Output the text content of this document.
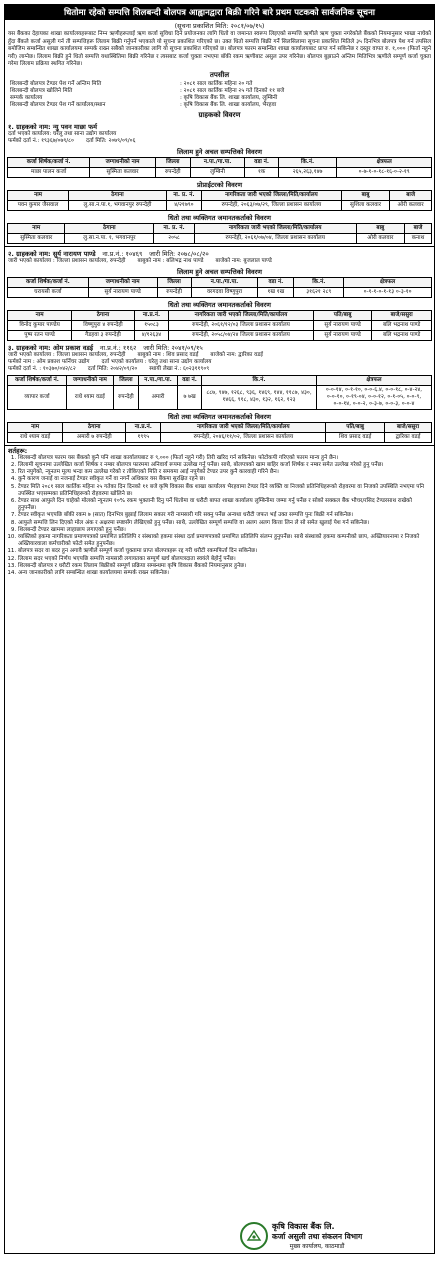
धितोमा रहेको सम्पत्ति शिलबन्दी बोलपत्र आह्वानद्वारा बिक्री गरिने बारे प्रथम पटकको सार्वजनिक सूचना
(सूचना प्रकाशित मिति: २०८१/०७/१५)

यस बैंकका देहायका शाखा कार्यालयहरूबाट निम्न ऋणीहरूलाई ऋण कर्जा सुविधा दिने प्रयोजनका लागि धितो वा जमानत स्वरूप लिइएको सम्पत्ति ऋणीले ऋण चुक्ता नगरेकोले बैंकको नियमानुसार भाखा नाघेको हुँदा बैंकले कर्जा असुली गर्न ती सम्पत्तिहरू लिलाम बिक्री गर्नुपर्ने भएकाले यो सूचना प्रकाशित गरिएको छ। उक्त धितो सम्पत्ति बिक्री गर्ने सिलसिलामा सूचना प्रकाशित मितिले ३५ दिनभित्र बोलपत्र पेश गर्न तपसिल बमोजिम सम्बन्धित शाखा कार्यालयमा सम्पर्क राख्न सबैको जानकारीका लागि यो सूचना प्रकाशित गरिएको छ। बोलपत्र फारम सम्बन्धित शाखा कार्यालयबाट प्राप्त गर्न सकिनेछ र दस्तुर वापत रु. १,००० (फिर्ता नहुने गरी) लाग्नेछ। लिलाम बिक्री हुने धितो सम्पत्ति यथास्थितिमा बिक्री गरिनेछ र त्यसबाट कर्जा चुक्ता नभएमा बाँकी रकम ऋणीबाट असुल उपर गरिनेछ। बोलपत्र बुझाउने अन्तिम मितिभित्र ऋणीले सम्पूर्ण कर्जा चुक्ता गरेमा लिलाम प्रक्रिया स्थगित गरिनेछ।

तपसील
शिलबन्दी बोलपत्र टेण्डर पेश गर्ने अन्तिम मिति	: २०८१ साल कार्तिक महिना २० गते
शिलबन्दी बोलपत्र खोलिने मिति	: २०८१ साल कार्तिक महिना २५ गते दिनको ११ बजे
सम्पर्क कार्यालय	: कृषि विकास बैंक लि. शाखा कार्यालय, लुम्बिनी
शिलबन्दी बोलपत्र टेण्डर पेश गर्ने कार्यालय/स्थान	: कृषि विकास बैंक लि. शाखा कार्यालय, भैरहवा
ग्राहकको विवरण
१. ग्राहकको नाम: न्यु पवन माछा फर्म
दर्ता भएको कार्यालय: घरेलु तथा साना उद्योग कार्यालय
फर्मको दर्ता नं.: १९३६७/०७९/८० दर्ता मिति: २०७९/०९/०६
लिलाम हुने अचल सम्पत्तिको विवरण
कर्जा शिर्षक/कर्जा नं.	जग्गाधनीको नाम	जिल्ला	न.पा./गा.पा.	वडा नं.	कि.नं.	क्षेत्रफल
माछा पालन कर्जा	सुस्मिता कलवार	रुपन्देही	लुम्बिनी	१क	२६५,२६३,१४७	०-७-१-०-१८-१६-०-२-१९
प्रोप्राईटरको विवरण
नाम	ठेगाना	ना. प्र. नं.	नागरिकता जारी भएको जिल्ला/मिति/कार्यालय	बाबु	बाजे
पवन कुमार जैसवाल	लु.सा.न.पा.१, भगवानपुर रुपन्देही	४/२१७९०	रुपन्देही, २०६३/०७/२९, जिल्ला प्रशासन कार्यालय	सुशिला कलवार	ओरी कलवार
धितो तथा व्यक्तिगत जमानतकर्ताको विवरण
नाम	ठेगाना	ना. प्र. नं.	नागरिकता जारी भएको जिल्ला/मिति/कार्यालय	बाबु	बाजे
सुस्मिता कलवार	लु.सा.न.पा. १, भगवानपुर	२०५८	रुपन्देही, २०६१/०७/०४, जिल्ला प्रशासन कार्यालय	ओरी कलवार	कनाथ
२. ग्राहकको नाम: सुर्य नारायण पाण्डे ना.प्र.नं.: १०४६९ जारी मिति: २०७८/०८/२०
जारी भएको कार्यालय : जिल्ला प्रशासन कार्यालय, रुपन्देही बाबुको नाम : बलिभद्र नाथ पाण्डे बाजेको नाम: बुजलाल पाण्डे
लिलाम हुने अचल सम्पत्तिको विवरण
कर्जा शिर्षक/कर्जा नं.	जग्गाधनीको नाम	जिल्ला	न.पा./गा.पा.	वडा नं.	कि.नं.	क्षेत्रफल
घरायसी कर्जा	सुर्य नारायण पाण्डे	रुपन्देही	वरगदवा विष्णुपुरा	१ख १ख	३१६२१ २८९	०-१-१-०-१-१३ ०-३-१०
धितो तथा व्यक्तिगत जमानतकर्ताको विवरण
नाम	ठेगाना	ना.प्र.नं.	नागरिकता जारी भएको जिल्ला/मिति/कार्यालय	पति/बाबु	बाजे/ससुरा
विनोद कुमार पाण्डेय	विष्णुपुरा ४ रुपन्देही	१५०८३	रुपन्देही, २०६१/१२/०३ जिल्ला प्रशासन कार्यालय	सुर्य नारायण पाण्डे	बलि भद्रनाथ पाण्डे
पुष्प रतन पाण्डे	गैडहवा ३ रुपन्देही	४/१२६३४	रुपन्देही, २०५८/०४/२४ जिल्ला प्रशासन कार्यालय	सुर्य नारायण पाण्डे	बलि भद्रनाथ पाण्डे
३. ग्राहकको नाम: ओम प्रकाश वडई ना.प्र.नं.: ११६२ जारी मिति: २०४१/०९/१५
जारी भएको कार्यालय : जिल्ला प्रशासन कार्यालय, रुपन्देही बाबुको नाम : शिव प्रसाद वडई बाजेको नाम: द्वारिका वडई
फर्मको नाम : ओम प्रकाश फर्निचर उद्योग दर्ता भएको कार्यालय : घरेलु तथा साना उद्योग कार्यालय
फर्मको दर्ता नं. : १०३७०/०४२/८२ दर्ता मिति: २०४२/०९/२० स्थायी लेखा नं.: ६०२३११९०९
कर्जा शिर्षक/कर्जा नं.	जग्गाधनीको नाम	जिल्ला	न.पा./गा.पा.	वडा नं.	कि.नं.	क्षेत्रफल
व्यापार कर्जा	राधे श्याम वडई	रुपन्देही	अमारी	७ ७ख	८८७, ९४७, १२६८, ९३६, १४६९, १४४, ११८७, ४३०, १४६६, ९१८, ४३०, १३२, १६२, १२३	०-०-१४, ०-१-१०, ०-०-६.४, ०-०-१८, ०-४-२४, ०-०-१०, ०-१९-०४, ०-०-१२, ०-१-०५, ०-०-९, ०-०-१४, ०-०-२, ०-३-७, ०-०-३, ०-०-४
धितो तथा व्यक्तिगत जमानतकर्ताको विवरण
नाम	ठेगाना	ना.प्र.नं.	नागरिकता जारी भएको जिल्ला/मिति/कार्यालय	पति/बाबु	बाजे/ससुरा
राधे श्याम वडई	अमारी ७ रुपन्देही	१९९५	रुपन्देही, २०४६/११/०२, जिल्ला प्रशासन कार्यालय	शिव प्रसाद वडई	द्वारिका वडई
शर्तहरू:
1. शिलबन्दी बोलपत्र फारम यस बैंकको कुनै पनि शाखा कार्यालयबाट रु ९,००० (फिर्ता नहुने गरी) तिरी खरिद गर्न सकिनेछ। फोटोकपी गरिएको फारम मान्य हुने छैन।
2. लिलामी सूचनामा उल्लेखित कर्जा शिर्षक र नम्बर बोलपत्र फारममा अनिवार्य रूपमा उल्लेख गर्नु पर्नेछ। साथै, बोलपत्रको खाम बाहिर कर्जा शिर्षक र नम्बर समेत उल्लेख गरेको हुनु पर्नेछ।
3. रित नपुगेको, न्यूनतम मूल्य भन्दा कम उल्लेख गरेको र तोकिएको मिति र समयमा आई नपुगेको टेण्डर उपर कुनै कारवाही गरिने छैन।
4. कुनै कारण जनाई वा नजनाई टेण्डर स्वीकृत गर्ने वा नगर्ने अधिकार यस बैंकमा सुरक्षित रहने छ।
5. टेण्डर मिति २०८१ साल कार्तिक महिना २५ गतेका दिन दिनको ११ बजे कृषि विकास बैंक शाखा कार्यालय भैरहवामा टेण्डर दिने व्यक्ति वा निजको प्रतिनिधिहरूको रोहवरमा वा निजको उपस्थिति नभएमा पनि उपस्थित भएसम्मका प्रतिनिधिहरूको रोहवरमा खोलिने छ।
6. टेण्डर साथ आफुले दिन चाहेको मोलको न्यूनतम १०% रकम भुक्तानी दिनु पर्ने धितोमा वा धरौटी बापत शाखा कार्यालय लुम्बिनीमा जम्मा गर्नु पर्नेछ र सोको सक्कल बैंक भौचर/रसिद टेण्डरसाथ राखेको हुनुपर्नेछ।
7. टेण्डर स्वीकृत भएपछि बाँकी रकम ७ (सात) दिनभित्र बुझाई लिलाम सकार गरी नामसारी गरि सक्नु पर्नेछ अन्यथा धरौटी जफत भई उक्त सम्पत्ति पुनः बिक्री गर्न सकिनेछ।
8. आफुले सम्पत्ति लिन दिएको मोल अंक र अक्षरमा स्पष्टसँग लेखिएको हुनु पर्नेछ। साथै, उल्लेखित सम्पूर्ण सम्पत्ति वा अलग अलग कित्ता लिन ले सो समेत खुलाई पेश गर्न सकिनेछ।
9. शिलबन्दी टेण्डर खाममा लाहाछाप लगाएको हुनु पर्नेछ।
10. व्यक्तिको हकमा नागरिकता प्रमाणपत्रको प्रमाणित प्रतिलिपि र संस्थाको हकमा संस्था दर्ता प्रमाणपत्रको प्रमाणित प्रतिलिपि संलग्न हुनुपर्नेछ। साथै संस्थाको हकमा कम्पनीको छाप, अख्तियारनामा र निजको अख्तियारवाला कर्मचारीको फोटो समेत हुनुपर्नेछ।
11. बोलपत्र सदर वा बदर हुन अगावै ऋणीले सम्पूर्ण कर्जा चुक्तामा प्राप्त बोलपत्रहरू रद्द गरी धरौटी रकमफिर्ता दिन सकिनेछ।
12. लिलाम सदर भएको निर्णय भएपछि सम्पत्ति नामसारी लगायतका सम्पूर्ण खर्च बोलपत्रदाता स्वयंले बेहोर्नु पर्नेछ।
13. शिलबन्दी बोलपत्र र धरौटी रकम लिलाम बिक्रीको सम्पूर्ण प्रक्रिया सम्बन्धमा कृषि विकास बैंकको नियमानुसार हुनेछ।
14. अन्य जानकारीको लागि सम्बन्धित शाखा कार्यालयमा सम्पर्क राख्न सकिनेछ।
कृषि विकास बैंक लि.
कर्जा असुली तथा संकलन विभाग
मुख्य कार्यालय, काठमाडौं
